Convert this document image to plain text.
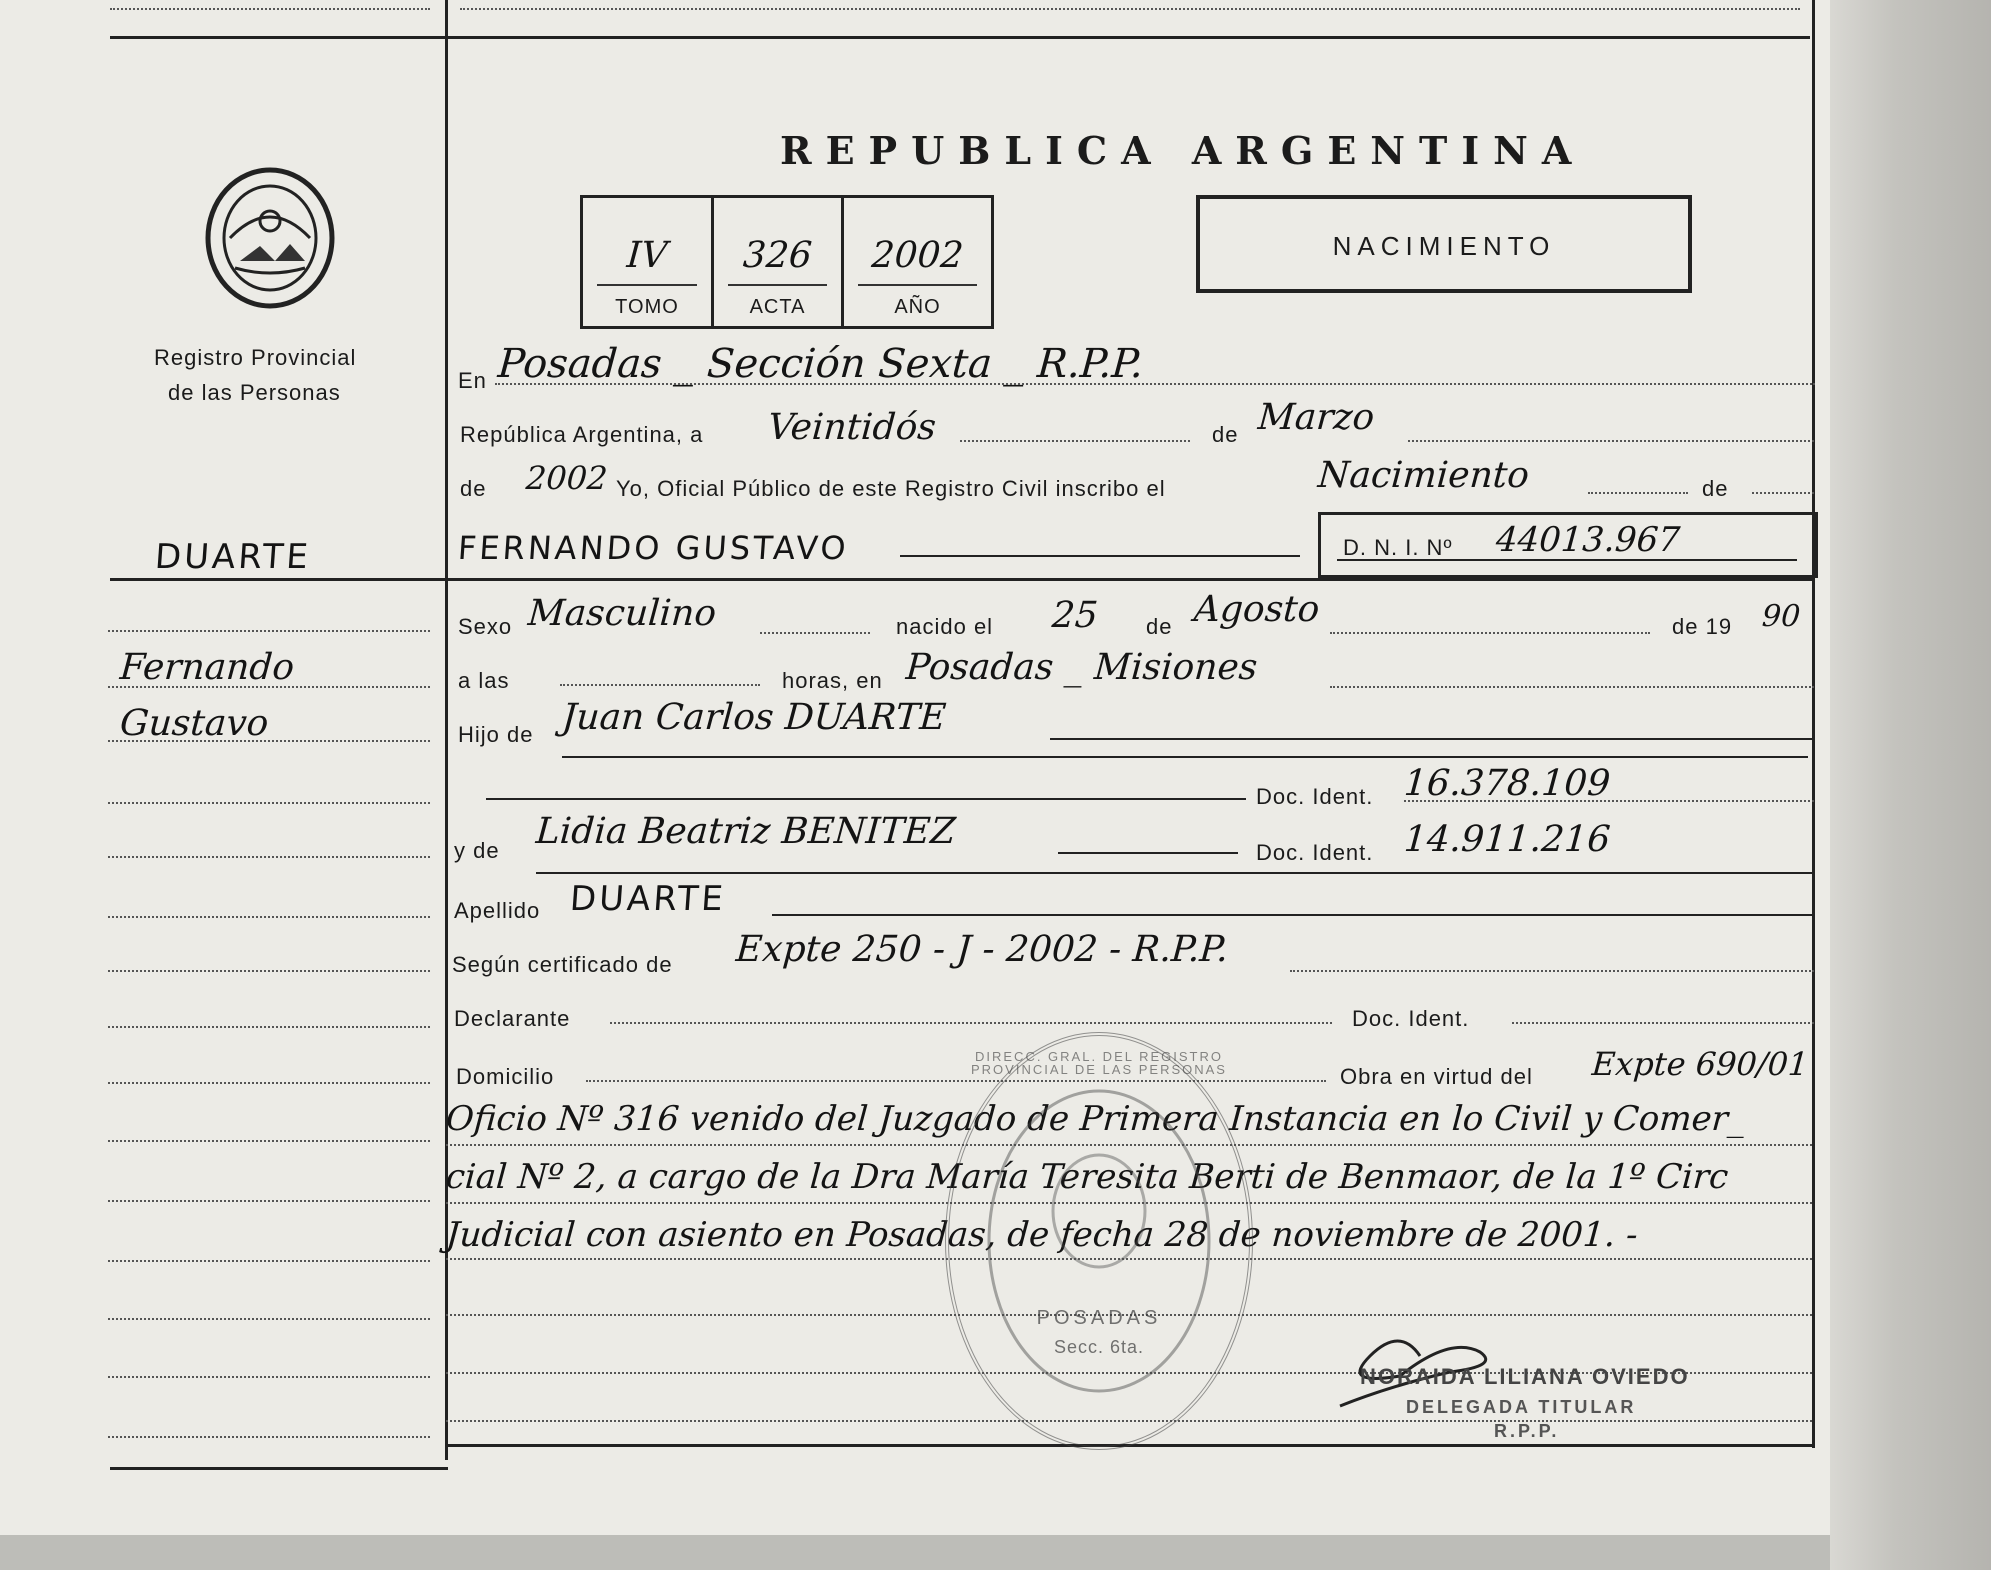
Registro Provincial
de las Personas
REPUBLICA ARGENTINA
IV
TOMO
326
ACTA
2002
AÑO
NACIMIENTO
DUARTE
Fernando
Gustavo
En Posadas _ Sección Sexta _ R.P.P.
República Argentina, a Veintidós	de Marzo
de 2002 Yo, Oficial Público de este Registro Civil inscribo el	Nacimiento	de
FERNANDO GUSTAVO	D. N. I. Nº 44013.967
Sexo Masculino	nacido el 25 de Agosto	de 19 90
a las	horas, en Posadas _ Misiones
Hijo de Juan Carlos DUARTE
Doc. Ident. 16.378.109
y de Lidia Beatriz BENITEZ
Doc. Ident. 14.911.216
Apellido DUARTE
Según certificado de Expte 250 - J - 2002 - R.P.P.
Declarante	Doc. Ident.
Domicilio	Obra en virtud del Expte 690/01
Oficio Nº 316 venido del Juzgado de Primera Instancia en lo Civil y Comer_
cial Nº 2, a cargo de la Dra María Teresita Berti de Benmaor, de la 1º Circ
Judicial con asiento en Posadas, de fecha 28 de noviembre de 2001. -
DIRECC. GRAL. DEL REGISTRO PROVINCIAL DE LAS PERSONAS
POSADAS
Secc. 6ta.
NORAIDA LILIANA OVIEDO
DELEGADA TITULAR
R.P.P.
